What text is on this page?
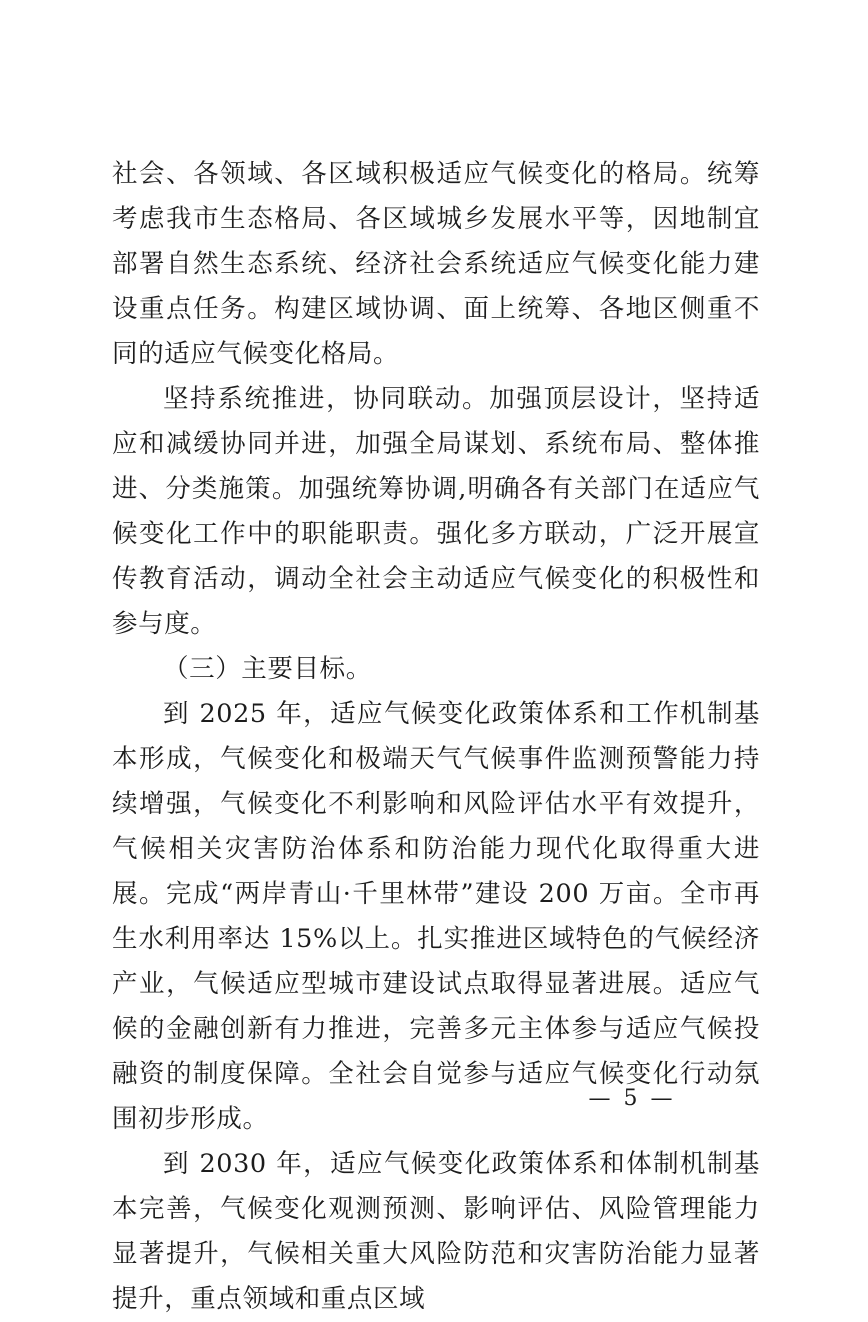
社会、各领域、各区域积极适应气候变化的格局。统筹考虑我市生态格局、各区域城乡发展水平等，因地制宜部署自然生态系统、经济社会系统适应气候变化能力建设重点任务。构建区域协调、面上统筹、各地区侧重不同的适应气候变化格局。

坚持系统推进，协同联动。加强顶层设计，坚持适应和减缓协同并进，加强全局谋划、系统布局、整体推进、分类施策。加强统筹协调,明确各有关部门在适应气候变化工作中的职能职责。强化多方联动，广泛开展宣传教育活动，调动全社会主动适应气候变化的积极性和参与度。

（三）主要目标。

到 2025 年，适应气候变化政策体系和工作机制基本形成，气候变化和极端天气气候事件监测预警能力持续增强，气候变化不利影响和风险评估水平有效提升，气候相关灾害防治体系和防治能力现代化取得重大进展。完成“两岸青山·千里林带”建设 200 万亩。全市再生水利用率达 15%以上。扎实推进区域特色的气候经济产业，气候适应型城市建设试点取得显著进展。适应气候的金融创新有力推进，完善多元主体参与适应气候投融资的制度保障。全社会自觉参与适应气候变化行动氛围初步形成。

到 2030 年，适应气候变化政策体系和体制机制基本完善，气候变化观测预测、影响评估、风险管理能力显著提升，气候相关重大风险防范和灾害防治能力显著提升，重点领域和重点区域

— 5 —
